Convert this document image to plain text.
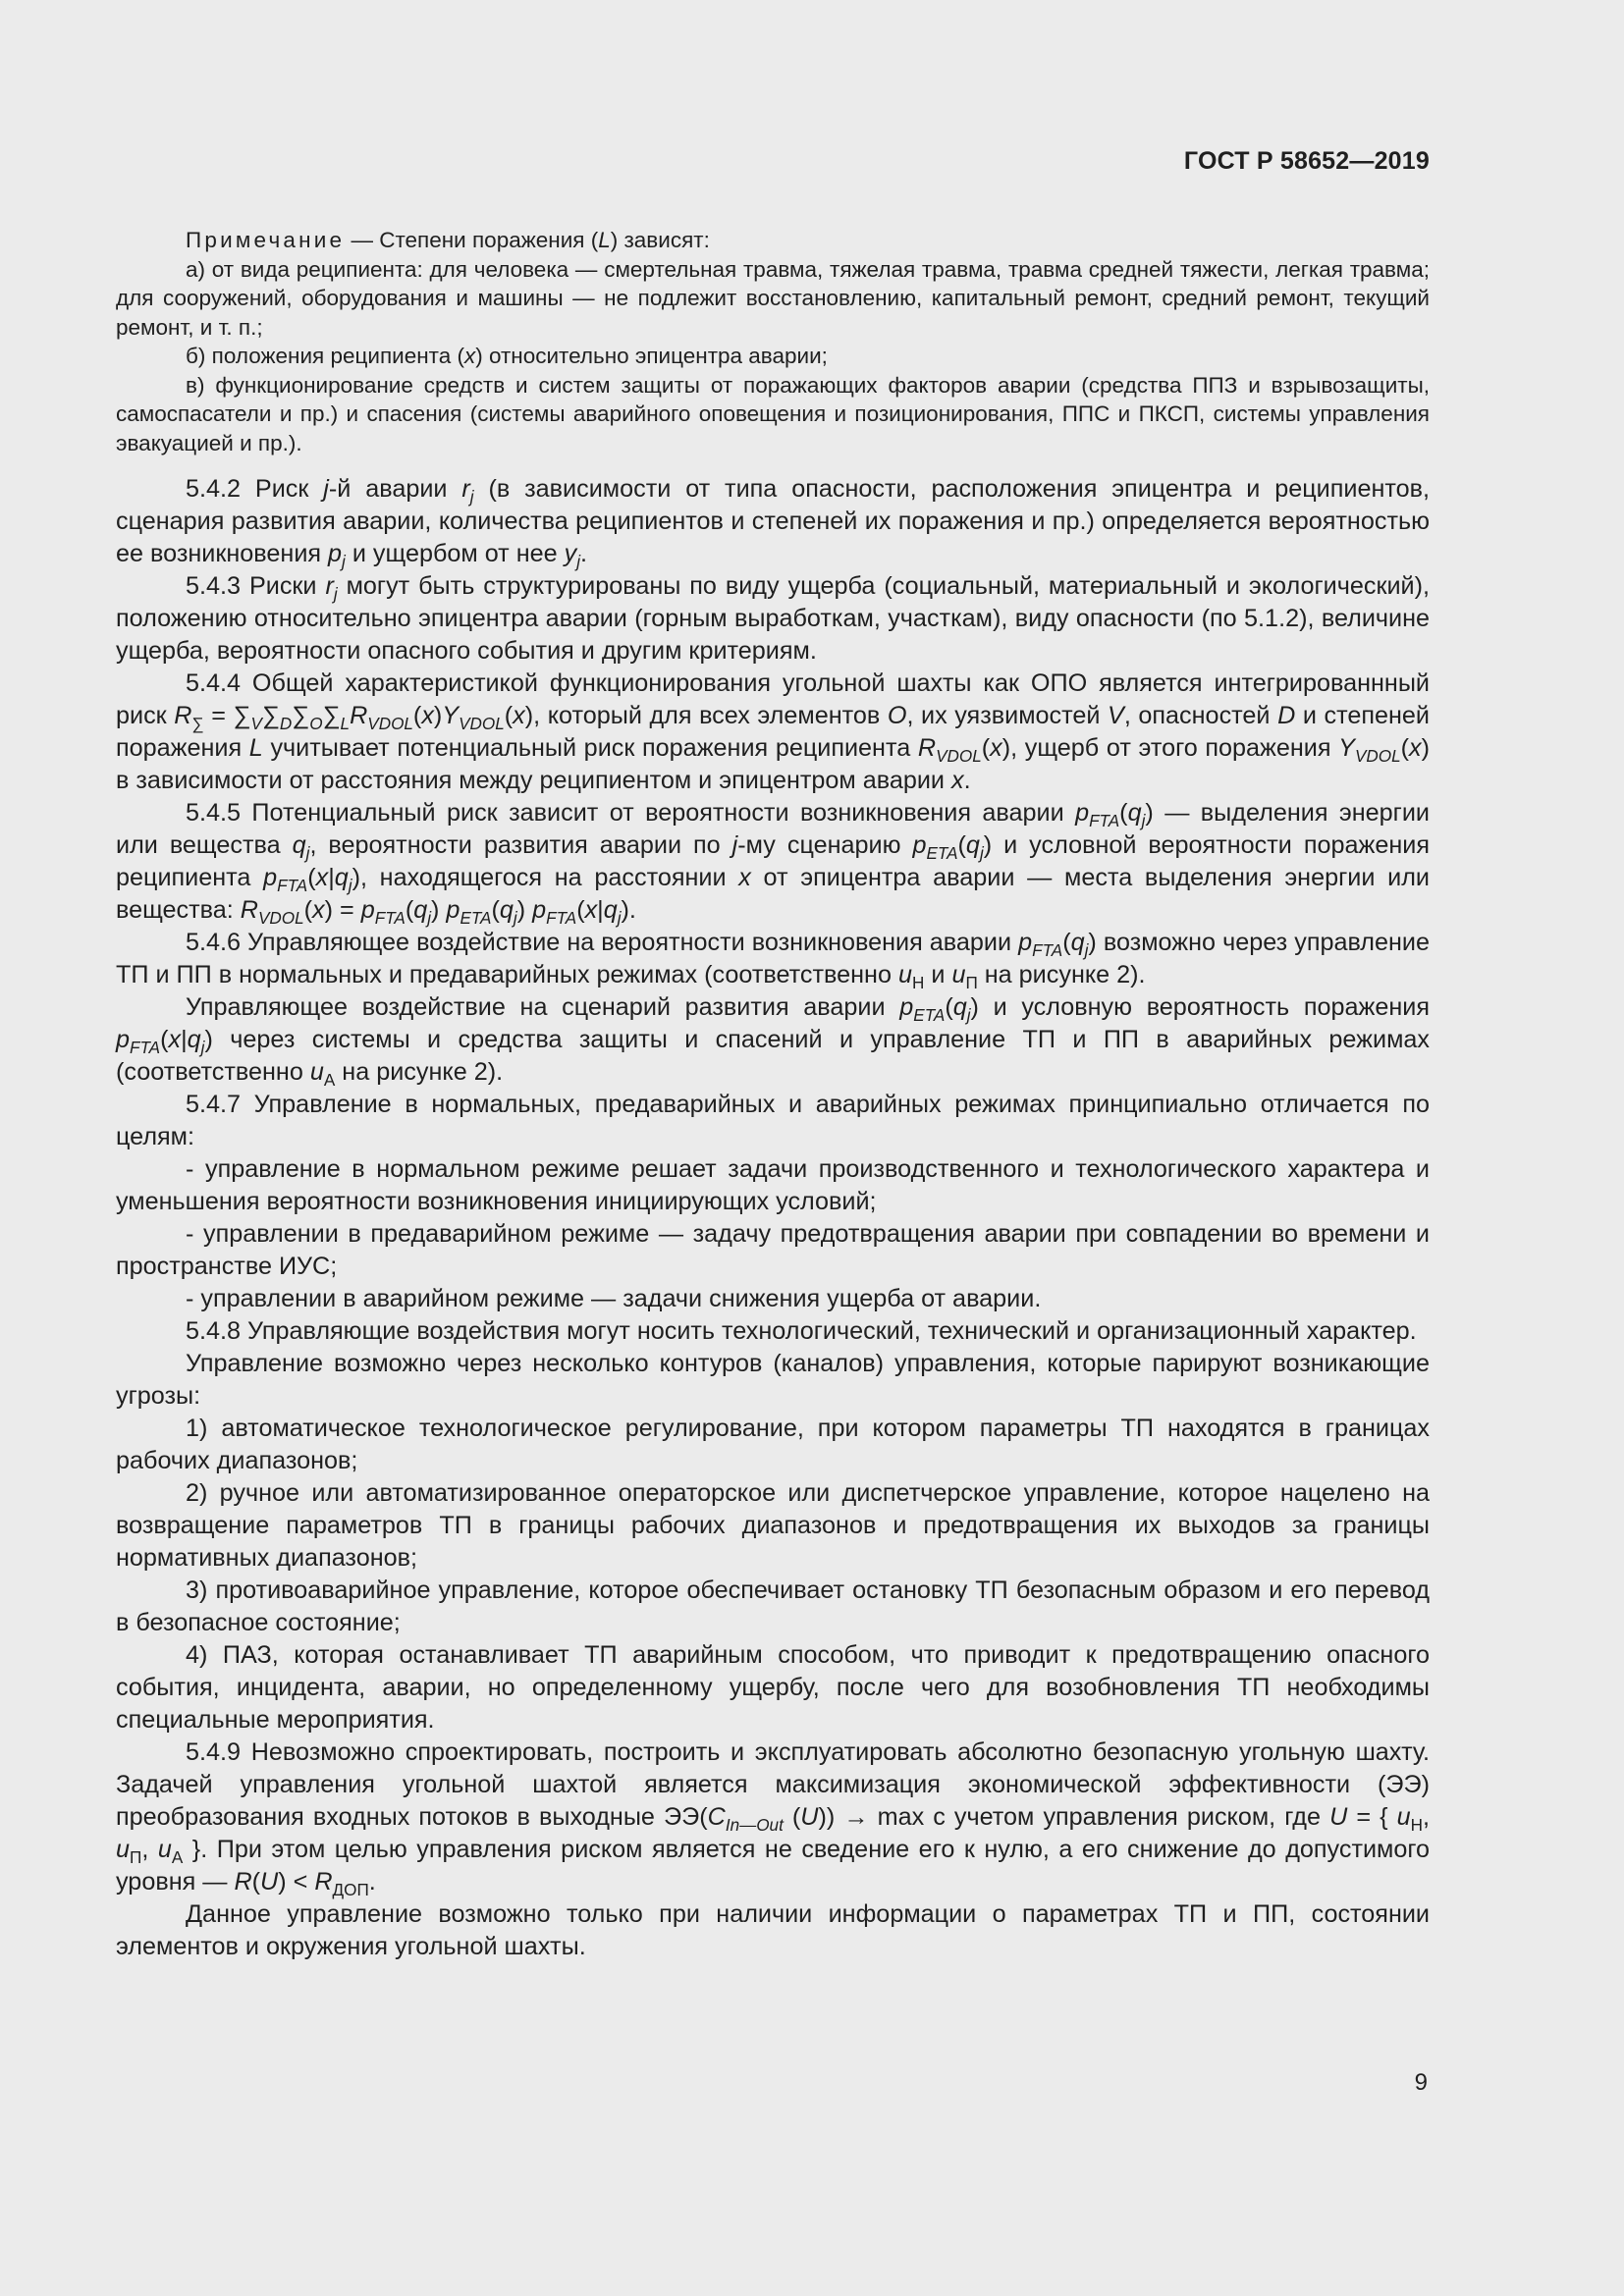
ГОСТ Р 58652—2019

Примечание — Степени поражения (L) зависят:

а) от вида реципиента: для человека — смертельная травма, тяжелая травма, травма средней тяжести, легкая травма; для сооружений, оборудования и машины — не подлежит восстановлению, капитальный ремонт, средний ремонт, текущий ремонт, и т. п.;

б) положения реципиента (x) относительно эпицентра аварии;

в) функционирование средств и систем защиты от поражающих факторов аварии (средства ППЗ и взрывозащиты, самоспасатели и пр.) и спасения (системы аварийного оповещения и позиционирования, ППС и ПКСП, системы управления эвакуацией и пр.).

5.4.2 Риск j-й аварии $r_j$ (в зависимости от типа опасности, расположения эпицентра и реципиентов, сценария развития аварии, количества реципиентов и степеней их поражения и пр.) определяется вероятностью ее возникновения $p_j$ и ущербом от нее $y_j$.

5.4.3 Риски $r_j$ могут быть структурированы по виду ущерба (социальный, материальный и экологический), положению относительно эпицентра аварии (горным выработкам, участкам), виду опасности (по 5.1.2), величине ущерба, вероятности опасного события и другим критериям.

5.4.4 Общей характеристикой функционирования угольной шахты как ОПО является интегрированнный риск $R_\sum = \sum_V\sum_D\sum_O\sum_LR_{VDOL}(x)Y_{VDOL}(x)$, который для всех элементов O, их уязвимостей V, опасностей D и степеней поражения L учитывает потенциальный риск поражения реципиента $R_{VDOL}(x)$, ущерб от этого поражения $Y_{VDOL}(x)$ в зависимости от расстояния между реципиентом и эпицентром аварии x.

5.4.5 Потенциальный риск зависит от вероятности возникновения аварии $p_{FTA}(q_j)$ — выделения энергии или вещества $q_j$, вероятности развития аварии по j-му сценарию $p_{ETA}(q_j)$ и условной вероятности поражения реципиента $p_{FTA}(x|q_j)$, находящегося на расстоянии x от эпицентра аварии — места выделения энергии или вещества: $R_{VDOL}(x) = p_{FTA}(q_j)$ $p_{ETA}(q_j)$ $p_{FTA}(x|q_j)$.

5.4.6 Управляющее воздействие на вероятности возникновения аварии $p_{FTA}(q_j)$ возможно через управление ТП и ПП в нормальных и предаварийных режимах (соответственно $u_Н$ и $u_П$ на рисунке 2).

Управляющее воздействие на сценарий развития аварии $p_{ETA}(q_j)$ и условную вероятность поражения $p_{FTA}(x|q_j)$ через системы и средства защиты и спасений и управление ТП и ПП в аварийных режимах (соответственно $u_А$ на рисунке 2).

5.4.7 Управление в нормальных, предаварийных и аварийных режимах принципиально отличается по целям:

- управление в нормальном режиме решает задачи производственного и технологического характера и уменьшения вероятности возникновения инициирующих условий;

- управлении в предаварийном режиме — задачу предотвращения аварии при совпадении во времени и пространстве ИУС;

- управлении в аварийном режиме — задачи снижения ущерба от аварии.

5.4.8 Управляющие воздействия могут носить технологический, технический и организационный характер.

Управление возможно через несколько контуров (каналов) управления, которые парируют возникающие угрозы:

1) автоматическое технологическое регулирование, при котором параметры ТП находятся в границах рабочих диапазонов;

2) ручное или автоматизированное операторское или диспетчерское управление, которое нацелено на возвращение параметров ТП в границы рабочих диапазонов и предотвращения их выходов за границы нормативных диапазонов;

3) противоаварийное управление, которое обеспечивает остановку ТП безопасным образом и его перевод в безопасное состояние;

4) ПАЗ, которая останавливает ТП аварийным способом, что приводит к предотвращению опасного события, инцидента, аварии, но определенному ущербу, после чего для возобновления ТП необходимы специальные мероприятия.

5.4.9 Невозможно спроектировать, построить и эксплуатировать абсолютно безопасную угольную шахту. Задачей управления угольной шахтой является максимизация экономической эффективности (ЭЭ) преобразования входных потоков в выходные $ЭЭ(C_{In—Out}$ (U)) → max с учетом управления риском, где U = { $u_Н$, $u_П$, $u_А$ }. При этом целью управления риском является не сведение его к нулю, а его снижение до допустимого уровня — $R(U) < R_{ДОП}$.

Данное управление возможно только при наличии информации о параметрах ТП и ПП, состоянии элементов и окружения угольной шахты.

9
